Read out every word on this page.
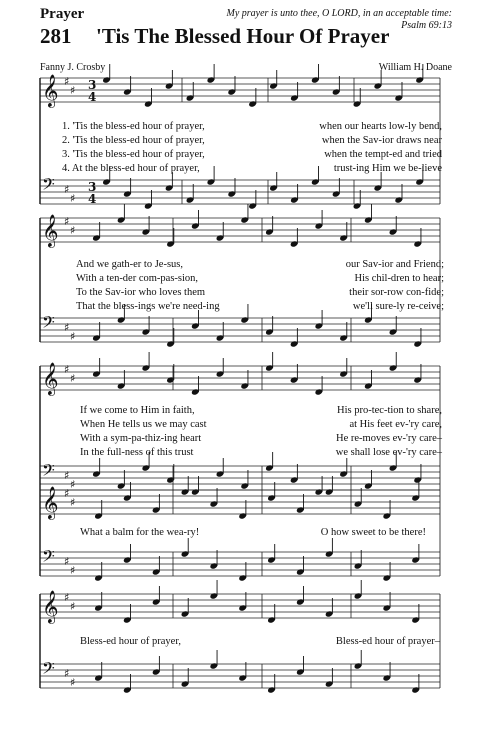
Prayer
281 'Tis The Blessed Hour Of Prayer
My prayer is unto thee, O LORD, in an acceptable time:
Psalm 69:13
Fanny J. Crosby	William H. Doane
𝄞 ♯
♯
𝄢 ♯
♯
𝄞 ♯
♯
𝄢 ♯
♯
𝄞 ♯
♯
𝄢 ♯
♯
𝄞 ♯
♯
𝄢 ♯
♯
𝄞 ♯
♯
𝄢 ♯
♯
3
4
3
4
1. 'Tis the bless-ed hour of prayer,	when our hearts low-ly bend,
2. 'Tis the bless-ed hour of prayer,	when the Sav-ior draws near
3. 'Tis the bless-ed hour of prayer,	when the tempt-ed and tried
4. At the bless-ed hour of prayer,	trust-ing Him we be-lieve
And we gath-er to Je-sus,	our Sav-ior and Friend;
With a ten-der com-pas-sion,	His chil-dren to hear;
To the Sav-ior who loves them	their sor-row con-fide;
That the bless-ings we're need-ing	we'll sure-ly re-ceive;
If we come to Him in faith,	His pro-tec-tion to share,
When He tells us we may cast	at His feet ev-'ry care,
With a sym-pa-thiz-ing heart	He re-moves ev-'ry care–
In the full-ness of this trust	we shall lose ev-'ry care–
What a balm for the wea-ry!	O how sweet to be there!
Bless-ed hour of prayer,	Bless-ed hour of prayer–
